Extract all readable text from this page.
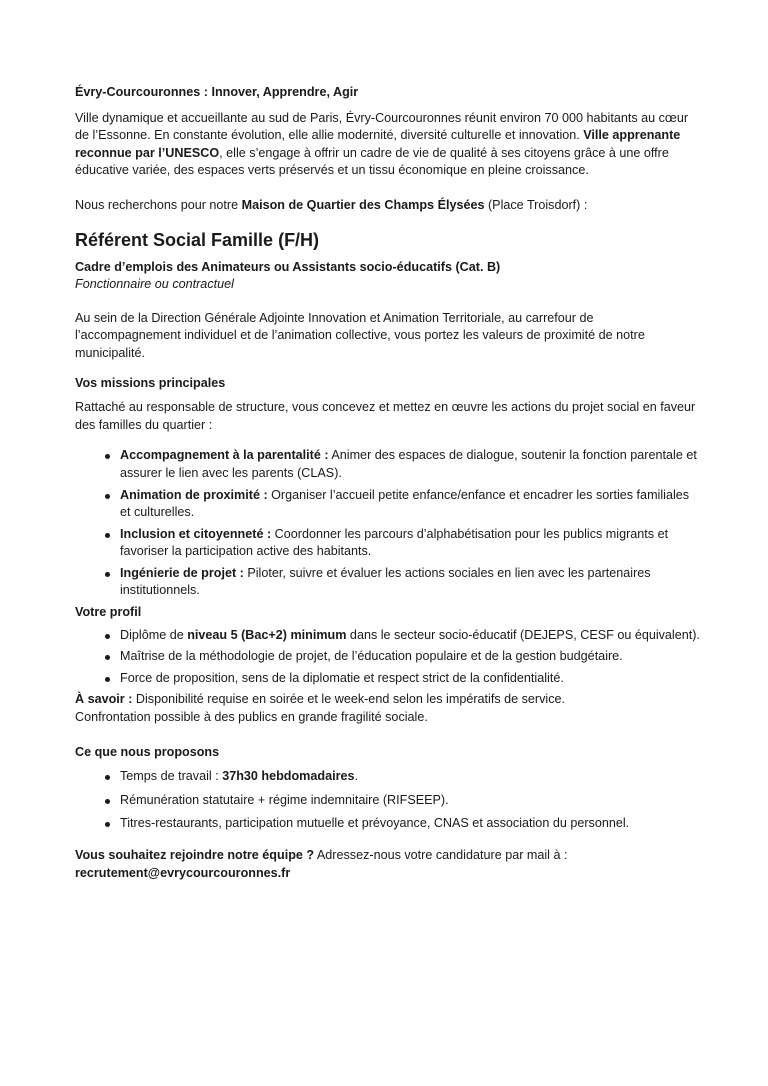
Évry-Courcouronnes : Innover, Apprendre, Agir

Ville dynamique et accueillante au sud de Paris, Évry-Courcouronnes réunit environ 70 000 habitants au cœur de l’Essonne. En constante évolution, elle allie modernité, diversité culturelle et innovation. Ville apprenante reconnue par l’UNESCO, elle s’engage à offrir un cadre de vie de qualité à ses citoyens grâce à une offre éducative variée, des espaces verts préservés et un tissu économique en pleine croissance.

Nous recherchons pour notre Maison de Quartier des Champs Élysées (Place Troisdorf) :

Référent Social Famille (F/H)

Cadre d’emplois des Animateurs ou Assistants socio-éducatifs (Cat. B)

Fonctionnaire ou contractuel

Au sein de la Direction Générale Adjointe Innovation et Animation Territoriale, au carrefour de l’accompagnement individuel et de l’animation collective, vous portez les valeurs de proximité de notre municipalité.

Vos missions principales

Rattaché au responsable de structure, vous concevez et mettez en œuvre les actions du projet social en faveur des familles du quartier :

Accompagnement à la parentalité : Animer des espaces de dialogue, soutenir la fonction parentale et assurer le lien avec les parents (CLAS).
Animation de proximité : Organiser l’accueil petite enfance/enfance et encadrer les sorties familiales et culturelles.
Inclusion et citoyenneté : Coordonner les parcours d’alphabétisation pour les publics migrants et favoriser la participation active des habitants.
Ingénierie de projet : Piloter, suivre et évaluer les actions sociales en lien avec les partenaires institutionnels.

Votre profil

Diplôme de niveau 5 (Bac+2) minimum dans le secteur socio-éducatif (DEJEPS, CESF ou équivalent).
Maîtrise de la méthodologie de projet, de l’éducation populaire et de la gestion budgétaire.
Force de proposition, sens de la diplomatie et respect strict de la confidentialité.

À savoir : Disponibilité requise en soirée et le week-end selon les impératifs de service.

Confrontation possible à des publics en grande fragilité sociale.

Ce que nous proposons

Temps de travail : 37h30 hebdomadaires.
Rémunération statutaire + régime indemnitaire (RIFSEEP).
Titres-restaurants, participation mutuelle et prévoyance, CNAS et association du personnel.

Vous souhaitez rejoindre notre équipe ? Adressez-nous votre candidature par mail à :

recrutement@evrycourcouronnes.fr
